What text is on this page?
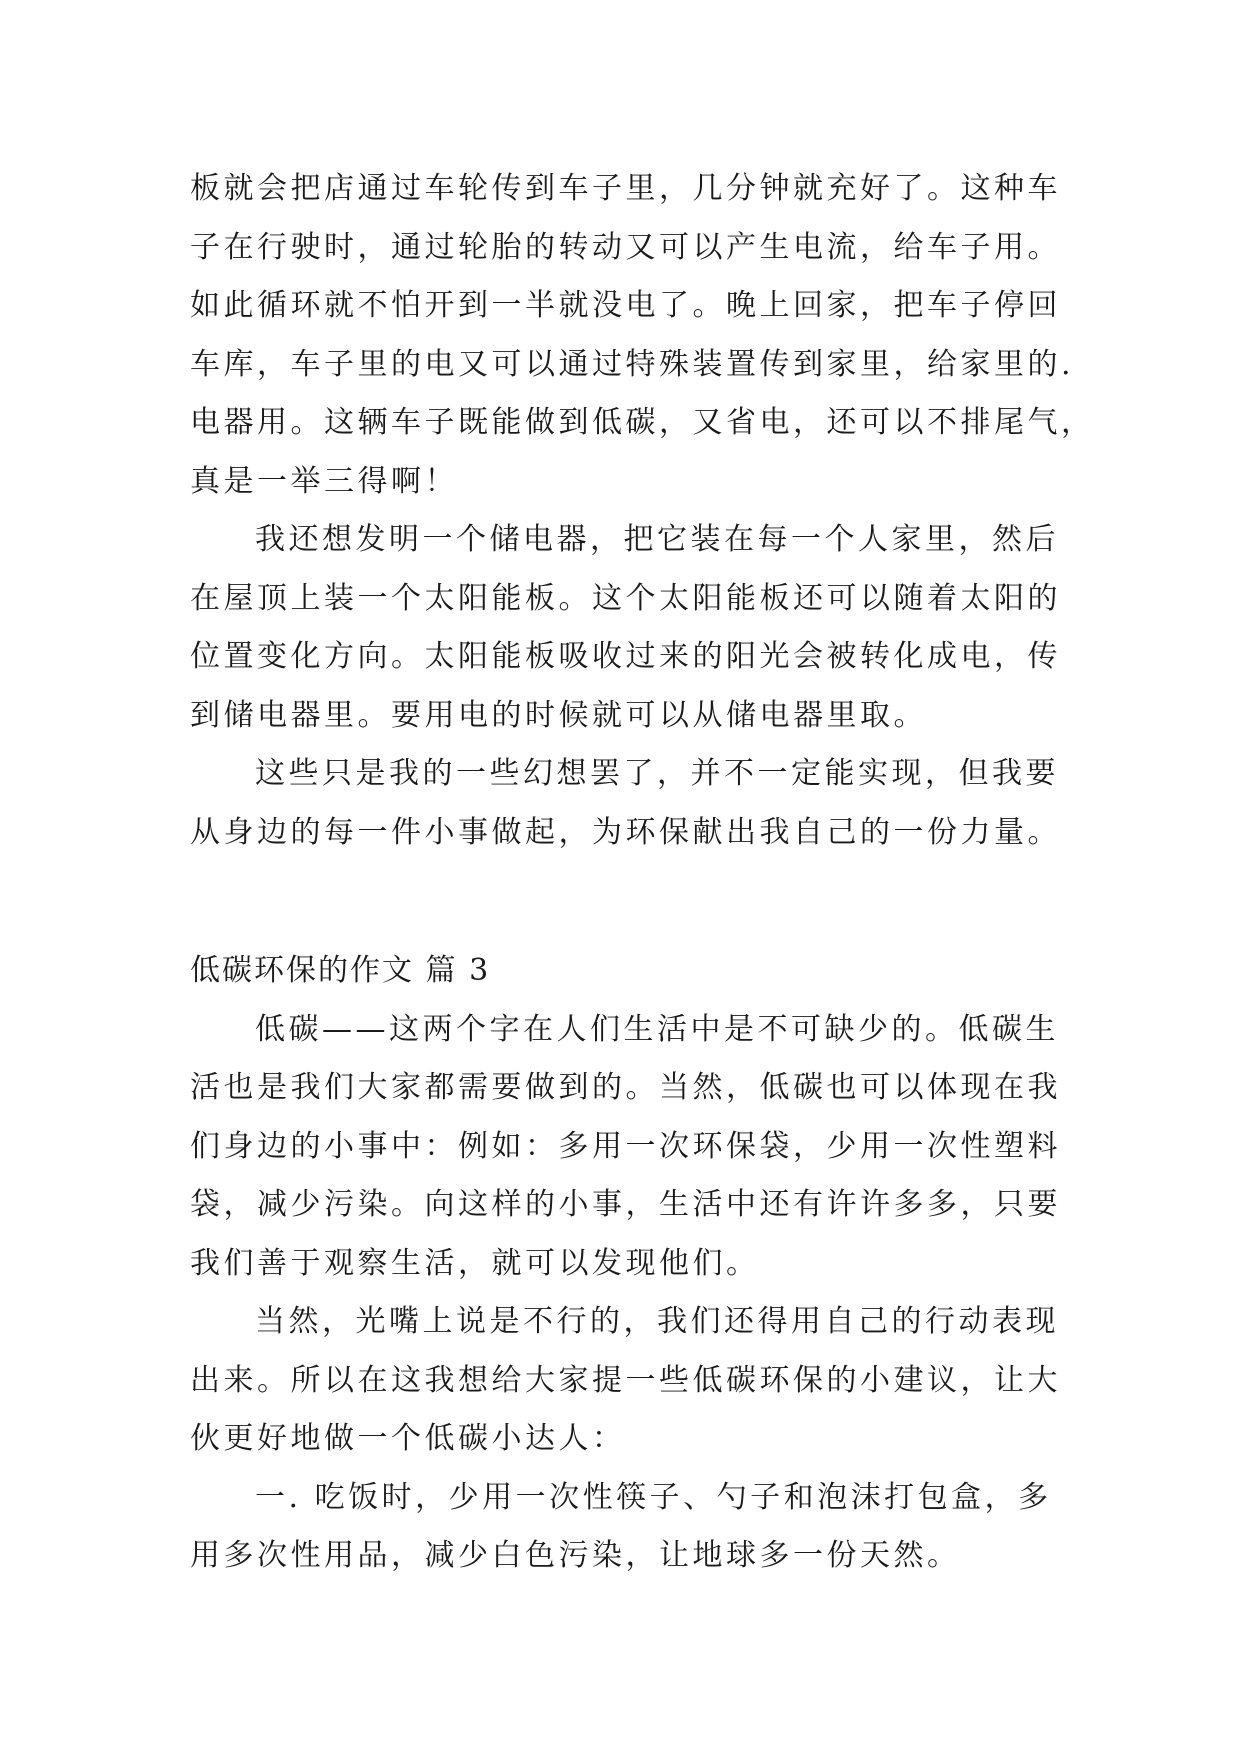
板就会把店通过车轮传到车子里，几分钟就充好了。这种车
子在行驶时，通过轮胎的转动又可以产生电流，给车子用。
如此循环就不怕开到一半就没电了。晚上回家，把车子停回
车库，车子里的电又可以通过特殊装置传到家里，给家里的.
电器用。这辆车子既能做到低碳，又省电，还可以不排尾气，
真是一举三得啊！
我还想发明一个储电器，把它装在每一个人家里，然后
在屋顶上装一个太阳能板。这个太阳能板还可以随着太阳的
位置变化方向。太阳能板吸收过来的阳光会被转化成电，传
到储电器里。要用电的时候就可以从储电器里取。
这些只是我的一些幻想罢了，并不一定能实现，但我要
从身边的每一件小事做起，为环保献出我自己的一份力量。
低碳环保的作文 篇 3
低碳——这两个字在人们生活中是不可缺少的。低碳生
活也是我们大家都需要做到的。当然，低碳也可以体现在我
们身边的小事中：例如：多用一次环保袋，少用一次性塑料
袋，减少污染。向这样的小事，生活中还有许许多多，只要
我们善于观察生活，就可以发现他们。
当然，光嘴上说是不行的，我们还得用自己的行动表现
出来。所以在这我想给大家提一些低碳环保的小建议，让大
伙更好地做一个低碳小达人：
一. 吃饭时，少用一次性筷子、勺子和泡沫打包盒，多
用多次性用品，减少白色污染，让地球多一份天然。
